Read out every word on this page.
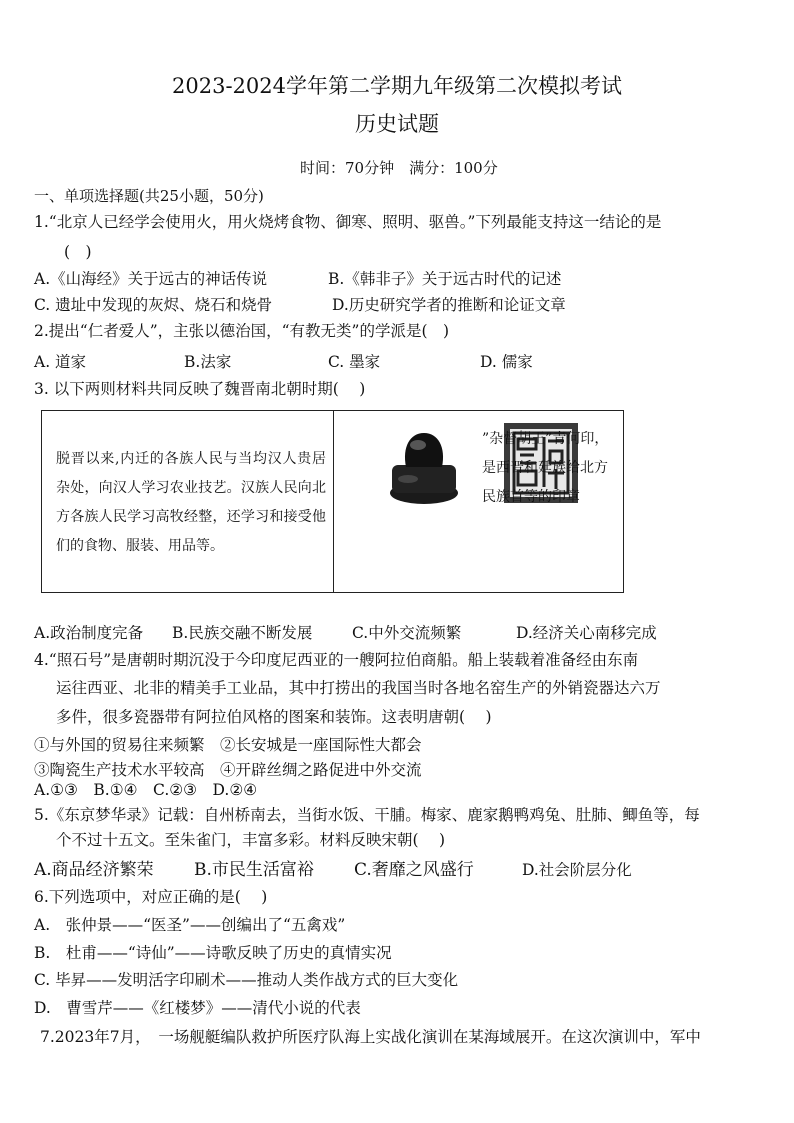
2023-2024学年第二学期九年级第二次模拟考试
历史试题
时间：70分钟　满分：100分
一、单项选择题(共25小题，50分)
1.“北京人已经学会使用火，用火烧烤食物、御寒、照明、驱兽。”下列最能支持这一结论的是
(　)
A.《山海经》关于远古的神话传说	B.《韩非子》关于远古时代的记述
C. 遗址中发现的灰烬、烧石和烧骨	D.历史研究学者的推断和论证文章
2.提出“仁者爱人”，主张以德治国，“有教无类”的学派是(　)
A. 道家	B.法家	C. 墨家	D. 儒家
3. 以下两则材料共同反映了魏晋南北朝时期(　 )
脱晋以来,内迁的各族人民与当均汉人贵居杂处，向汉人学习农业技艺。汉族人民向北方各族人民学习高牧经整，还学习和接受他们的食物、服装、用品等。
”杂督胡王”青何印，是西晋和廷族给北方民族首等的印章
A.政治制度完备 B.民族交融不断发展	C.中外交流频繁	D.经济关心南移完成
4.“照石号”是唐朝时期沉没于今印度尼西亚的一艘阿拉伯商船。船上装载着准备经由东南
运往西亚、北非的精美手工业品，其中打捞出的我国当时各地名窑生产的外销瓷器达六万
多件，很多瓷器带有阿拉伯风格的图案和装饰。这表明唐朝(　 )
①与外国的贸易往来频繁　②长安城是一座国际性大都会
③陶瓷生产技术水平较高　④开辟丝绸之路促进中外交流
A.①③　B.①④　C.②③　D.②④
5.《东京梦华录》记载：自州桥南去，当街水饭、干脯。梅家、鹿家鹅鸭鸡兔、肚肺、鲫鱼等，每
个不过十五文。至朱雀门，丰富多彩。材料反映宋朝(　 )
A.商品经济繁荣 B.市民生活富裕 C.奢靡之风盛行	D.社会阶层分化
6.下列选项中，对应正确的是(　 )
A.　张仲景——“医圣”——创编出了“五禽戏”
B.　杜甫——“诗仙”——诗歌反映了历史的真情实况
C. 毕昇——发明活字印刷术——推动人类作战方式的巨大变化
D.　曹雪芹——《红楼梦》——清代小说的代表
7.2023年7月，　一场舰艇编队救护所医疗队海上实战化演训在某海域展开。在这次演训中，军中
